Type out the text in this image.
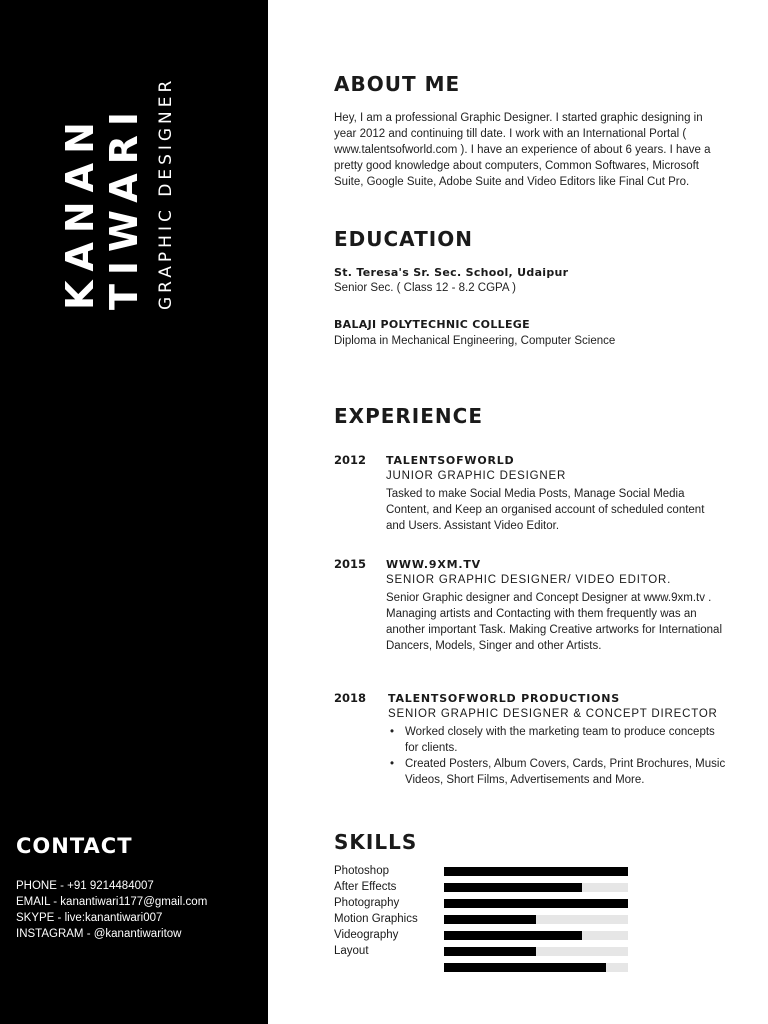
KANAN TIWARI GRAPHIC DESIGNER
CONTACT
PHONE - +91 9214484007
EMAIL - kanantiwari1177@gmail.com
SKYPE - live:kanantiwari007
INSTAGRAM - @kanantiwaritow
ABOUT ME
Hey, I am a professional Graphic Designer. I started graphic designing in year 2012 and continuing till date. I work with an International Portal ( www.talentsofworld.com ). I have an experience of about 6 years. I have a pretty good knowledge about computers, Common Softwares, Microsoft Suite, Google Suite, Adobe Suite and Video Editors like Final Cut Pro.
EDUCATION
St. Teresa's Sr. Sec. School, Udaipur
Senior Sec. ( Class 12 - 8.2 CGPA )
BALAJI POLYTECHNIC COLLEGE
Diploma in Mechanical Engineering, Computer Science
EXPERIENCE
2012 TALENTSOFWORLD
JUNIOR GRAPHIC DESIGNER
Tasked to make Social Media Posts, Manage Social Media Content, and Keep an organised account of scheduled content and Users. Assistant Video Editor.
2015 WWW.9XM.TV
SENIOR GRAPHIC DESIGNER/ VIDEO EDITOR.
Senior Graphic designer and Concept Designer at www.9xm.tv . Managing artists and Contacting with them frequently was an another important Task. Making Creative artworks for International Dancers, Models, Singer and other Artists.
2018 TALENTSOFWORLD PRODUCTIONS
SENIOR GRAPHIC DESIGNER & CONCEPT DIRECTOR
• Worked closely with the marketing team to produce concepts for clients.
• Created Posters, Album Covers, Cards, Print Brochures, Music Videos, Short Films, Advertisements and More.
SKILLS
Photoshop
After Effects
Photography
Motion Graphics
Videography
Layout
